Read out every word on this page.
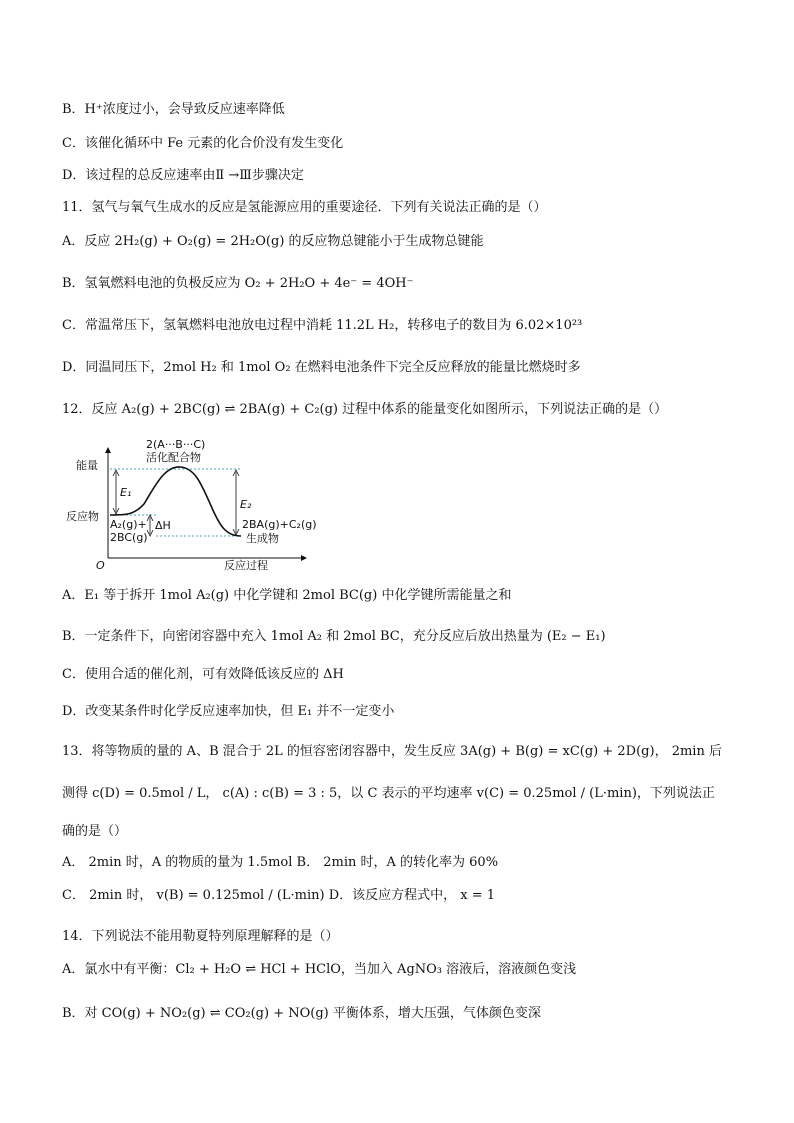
B．H⁺浓度过小，会导致反应速率降低
C．该催化循环中 Fe 元素的化合价没有发生变化
D．该过程的总反应速率由Ⅱ →Ⅲ步骤决定
11．氢气与氧气生成水的反应是氢能源应用的重要途径．下列有关说法正确的是（）
A．反应 2H₂(g) + O₂(g) = 2H₂O(g) 的反应物总键能小于生成物总键能
B．氢氧燃料电池的负极反应为 O₂ + 2H₂O + 4e⁻ = 4OH⁻
C．常温常压下，氢氧燃料电池放电过程中消耗 11.2L H₂，转移电子的数目为 6.02×10²³
D．同温同压下，2mol H₂ 和 1mol O₂ 在燃料电池条件下完全反应释放的能量比燃烧时多
12．反应 A₂(g) + 2BC(g) ⇌ 2BA(g) + C₂(g) 过程中体系的能量变化如图所示，下列说法正确的是（）
A．E₁ 等于拆开 1mol A₂(g) 中化学键和 2mol BC(g) 中化学键所需能量之和
B．一定条件下，向密闭容器中充入 1mol A₂ 和 2mol BC，充分反应后放出热量为 (E₂ − E₁)
C．使用合适的催化剂，可有效降低该反应的 ΔH
D．改变某条件时化学反应速率加快，但 E₁ 并不一定变小
13．将等物质的量的 A、B 混合于 2L 的恒容密闭容器中，发生反应 3A(g) + B(g) = xC(g) + 2D(g)， 2min 后
测得 c(D) = 0.5mol / L， c(A) : c(B) = 3 : 5，以 C 表示的平均速率 v(C) = 0.25mol / (L·min)，下列说法正
确的是（）
A． 2min 时，A 的物质的量为 1.5mol B． 2min 时，A 的转化率为 60%
C． 2min 时， v(B) = 0.125mol / (L·min) D．该反应方程式中， x = 1
14．下列说法不能用勒夏特列原理解释的是（）
A．氯水中有平衡：Cl₂ + H₂O ⇌ HCl + HClO，当加入 AgNO₃ 溶液后，溶液颜色变浅
B．对 CO(g) + NO₂(g) ⇌ CO₂(g) + NO(g) 平衡体系，增大压强，气体颜色变深
能量
O	反应过程
2(A···B···C)
活化配合物
E₁
E₂
反应物
A₂(g)+
2BC(g)
ΔH	2BA(g)+C₂(g)
生成物
